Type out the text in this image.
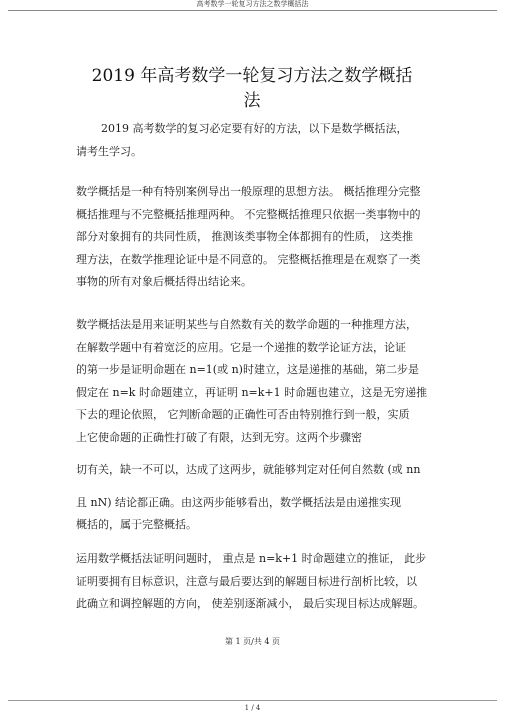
高考数学一轮复习方法之数学概括法
2019 年高考数学一轮复习方法之数学概括
法
2019 高考数学的复习必定要有好的方法，以下是数学概括法，
请考生学习。
数学概括是一种有特别案例导出一般原理的思想方法。 概括推理分完整
概括推理与不完整概括推理两种。 不完整概括推理只依据一类事物中的
部分对象拥有的共同性质， 推测该类事物全体都拥有的性质， 这类推
理方法，在数学推理论证中是不同意的。 完整概括推理是在观察了一类
事物的所有对象后概括得出结论来。
数学概括法是用来证明某些与自然数有关的数学命题的一种推理方法，
在解数学题中有着宽泛的应用。它是一个递推的数学论证方法，论证
的第一步是证明命题在 n=1(或 n)时建立，这是递推的基础，第二步是
假定在 n=k 时命题建立，再证明 n=k+1 时命题也建立，这是无穷递推
下去的理论依照， 它判断命题的正确性可否由特别推行到一般，实质
上它使命题的正确性打破了有限，达到无穷。这两个步骤密
切有关，缺一不可以，达成了这两步，就能够判定对任何自然数 (或 nn
且 nN) 结论都正确。由这两步能够看出，数学概括法是由递推实现
概括的，属于完整概括。
运用数学概括法证明问题时， 重点是 n=k+1 时命题建立的推证， 此步
证明要拥有目标意识，注意与最后要达到的解题目标进行剖析比较，以
此确立和调控解题的方向， 使差别逐渐减小， 最后实现目标达成解题。
第 1 页/共 4 页
1 / 4
